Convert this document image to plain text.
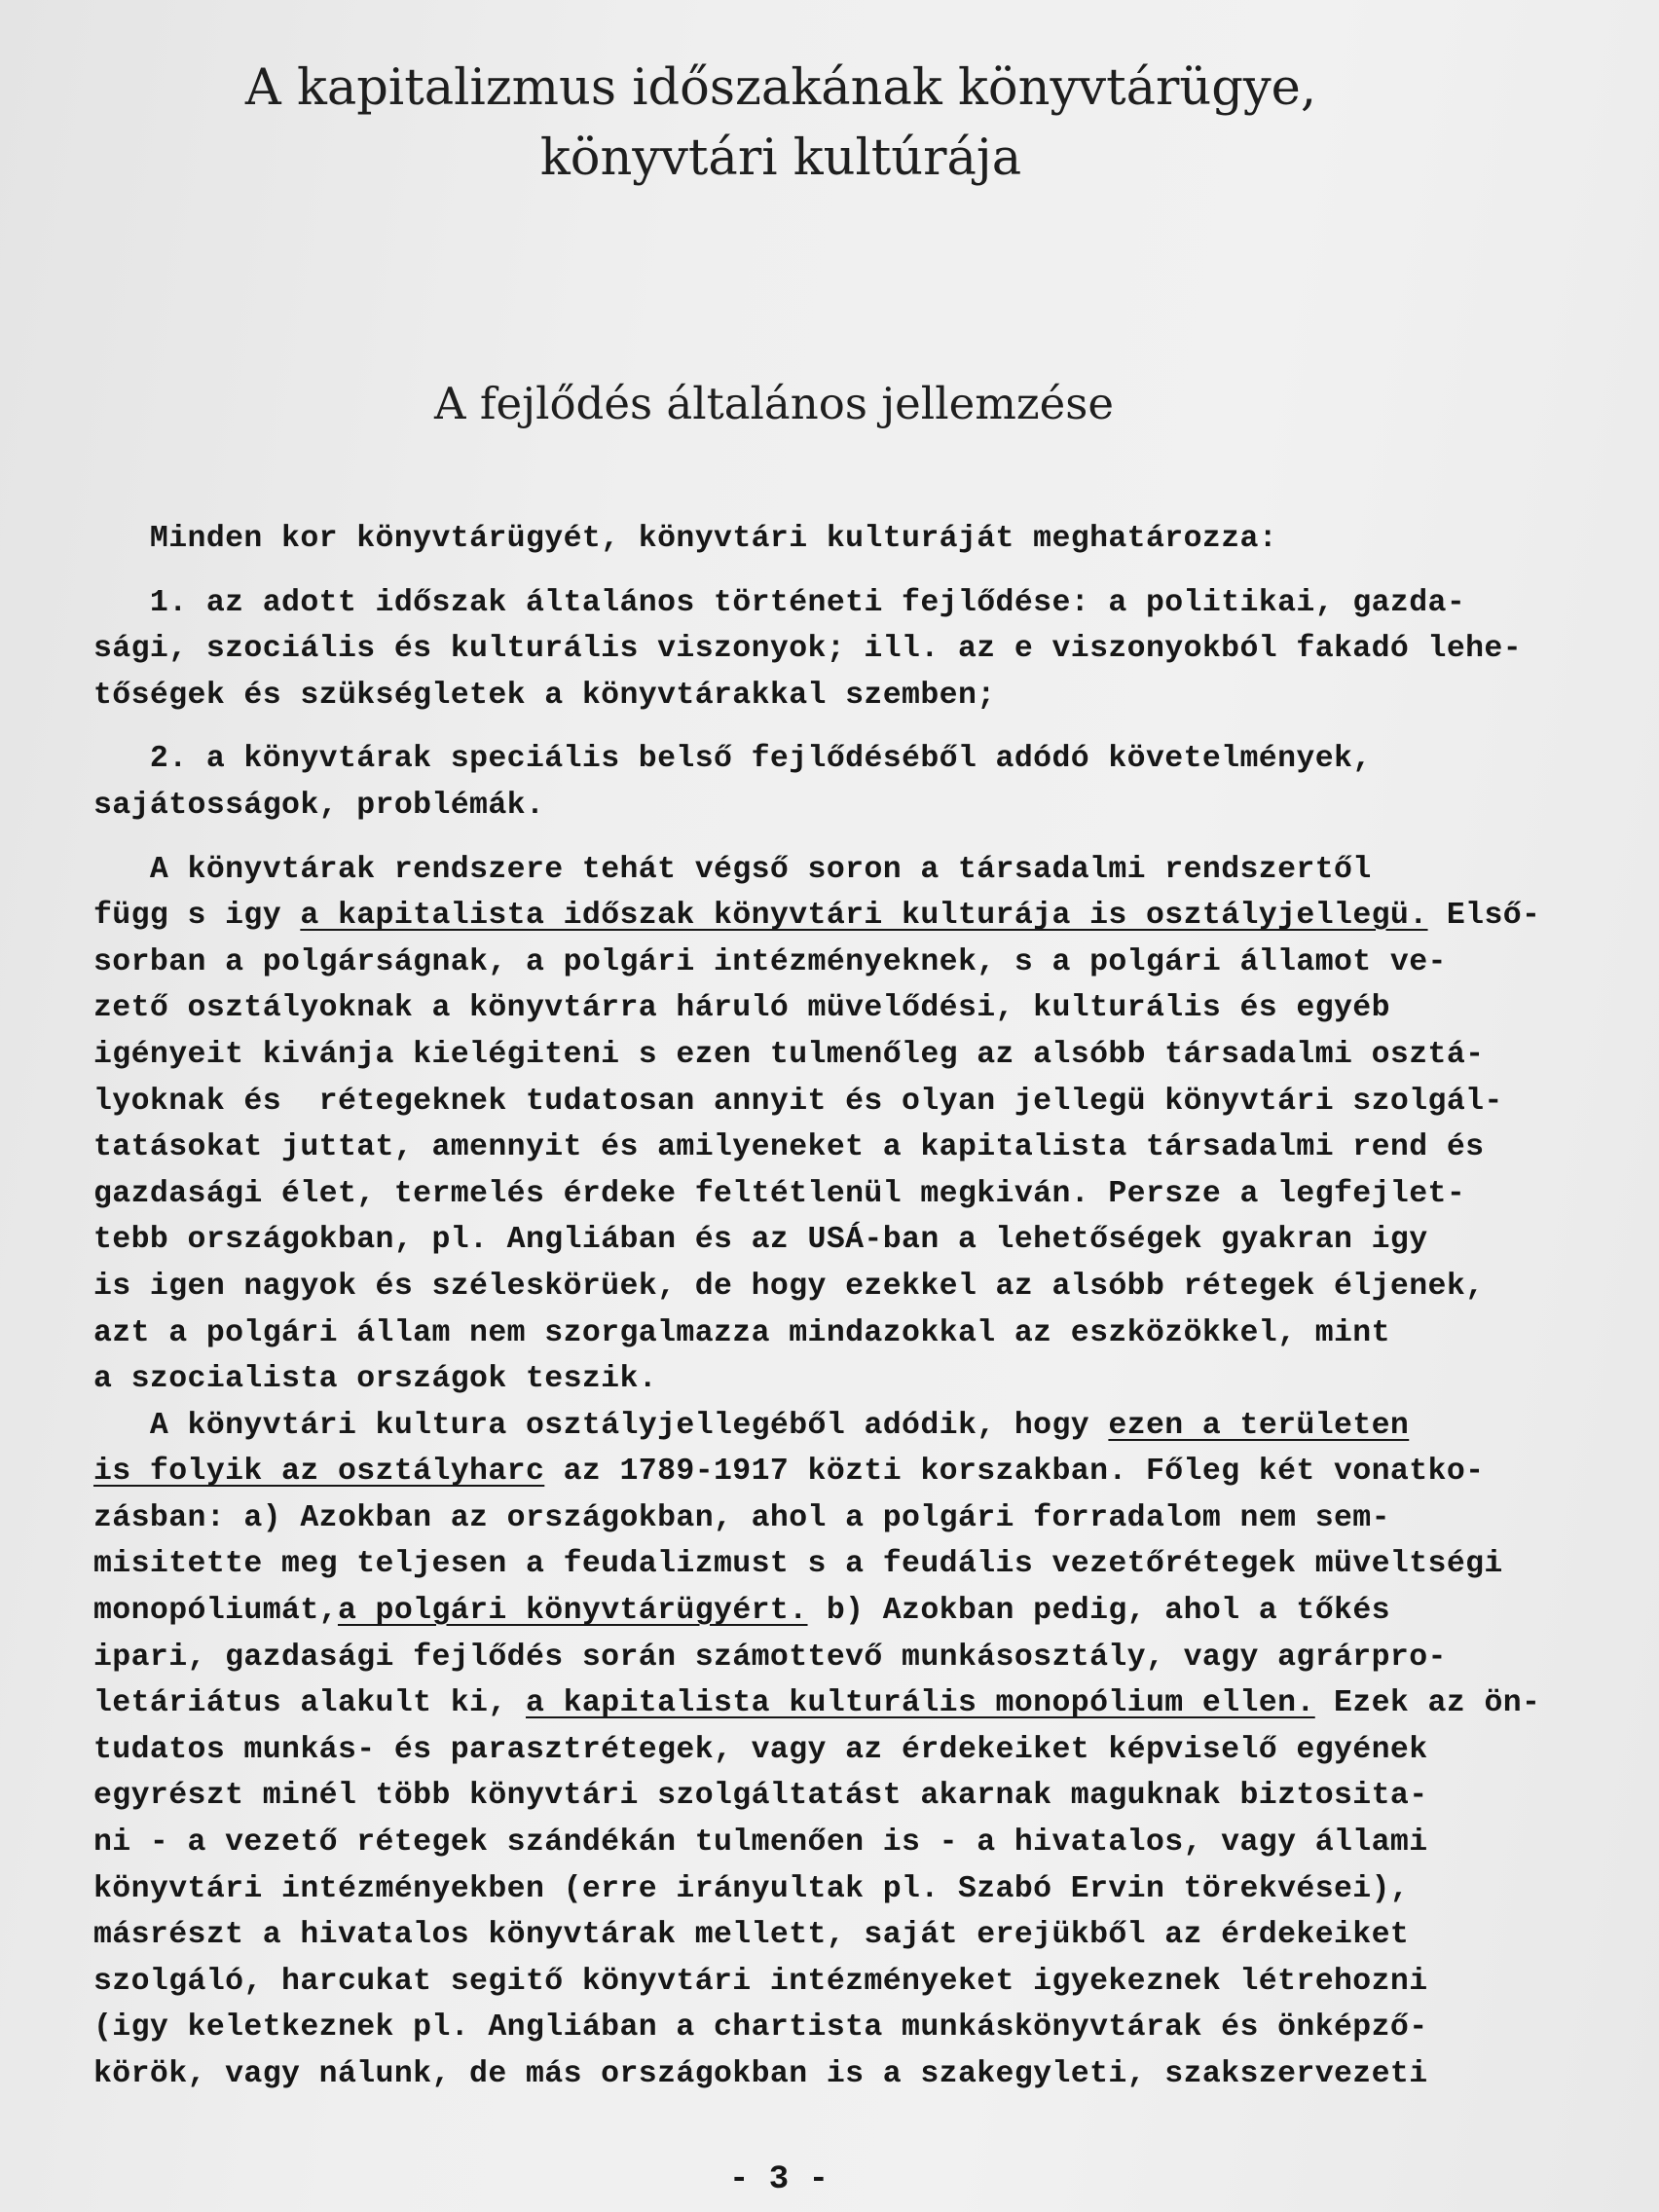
A kapitalizmus időszakának könyvtárügye,
könyvtári kultúrája
A fejlődés általános jellemzése
Minden kor könyvtárügyét, könyvtári kulturáját meghatározza:
1. az adott időszak általános történeti fejlődése: a politikai, gazda-
sági, szociális és kulturális viszonyok; ill. az e viszonyokból fakadó lehe-
tőségek és szükségletek a könyvtárakkal szemben;
2. a könyvtárak speciális belső fejlődéséből adódó követelmények,
sajátosságok, problémák.
A könyvtárak rendszere tehát végső soron a társadalmi rendszertől
függ s igy a kapitalista időszak könyvtári kulturája is osztályjellegü. Első-
sorban a polgárságnak, a polgári intézményeknek, s a polgári államot ve-
zető osztályoknak a könyvtárra háruló müvelődési, kulturális és egyéb
igényeit kivánja kielégiteni s ezen tulmenőleg az alsóbb társadalmi osztá-
lyoknak és  rétegeknek tudatosan annyit és olyan jellegü könyvtári szolgál-
tatásokat juttat, amennyit és amilyeneket a kapitalista társadalmi rend és
gazdasági élet, termelés érdeke feltétlenül megkiván. Persze a legfejlet-
tebb országokban, pl. Angliában és az USÁ-ban a lehetőségek gyakran igy
is igen nagyok és széleskörüek, de hogy ezekkel az alsóbb rétegek éljenek,
azt a polgári állam nem szorgalmazza mindazokkal az eszközökkel, mint
a szocialista országok teszik.
A könyvtári kultura osztályjellegéből adódik, hogy ezen a területen
is folyik az osztályharc az 1789-1917 közti korszakban. Főleg két vonatko-
zásban: a) Azokban az országokban, ahol a polgári forradalom nem sem-
misitette meg teljesen a feudalizmust s a feudális vezetőrétegek müveltségi
monopóliumát,a polgári könyvtárügyért. b) Azokban pedig, ahol a tőkés
ipari, gazdasági fejlődés során számottevő munkásosztály, vagy agrárpro-
letáriátus alakult ki, a kapitalista kulturális monopólium ellen. Ezek az ön-
tudatos munkás- és parasztrétegek, vagy az érdekeiket képviselő egyének
egyrészt minél több könyvtári szolgáltatást akarnak maguknak biztosita-
ni - a vezető rétegek szándékán tulmenően is - a hivatalos, vagy állami
könyvtári intézményekben (erre irányultak pl. Szabó Ervin törekvései),
másrészt a hivatalos könyvtárak mellett, saját erejükből az érdekeiket
szolgáló, harcukat segitő könyvtári intézményeket igyekeznek létrehozni
(igy keletkeznek pl. Angliában a chartista munkáskönyvtárak és önképző-
körök, vagy nálunk, de más országokban is a szakegyleti, szakszervezeti
- 3 -
